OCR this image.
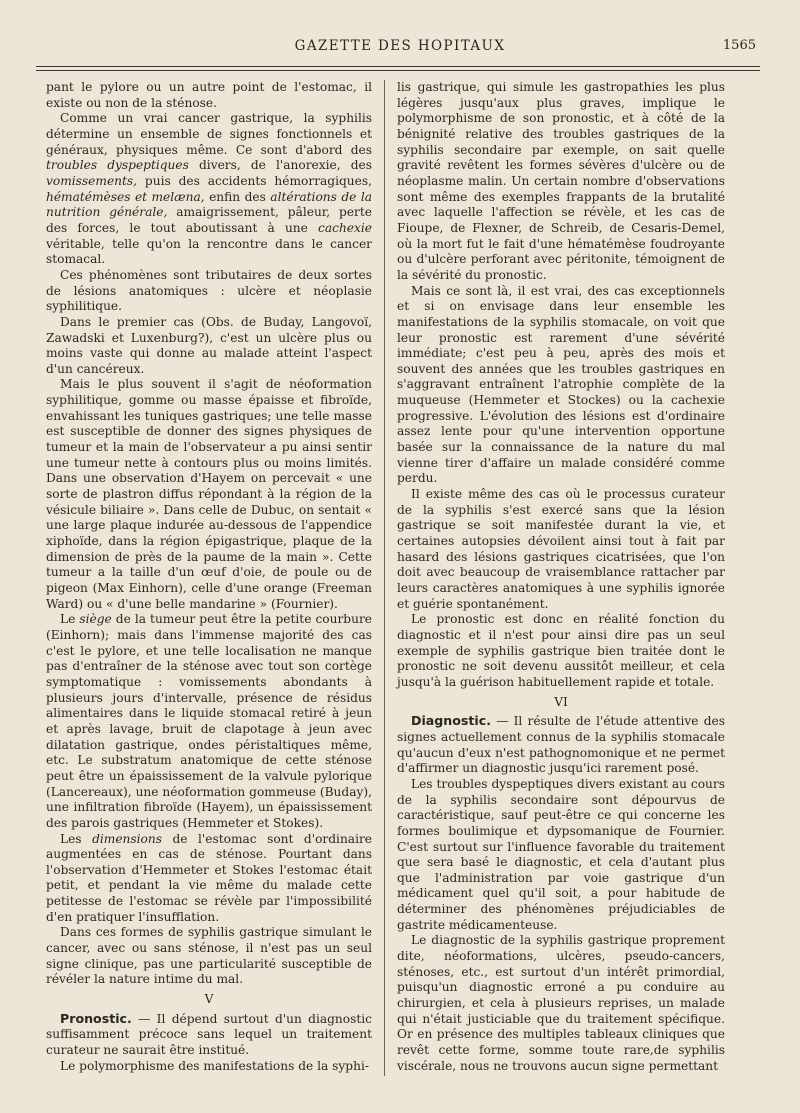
GAZETTE DES HOPITAUX	1565

pant le pylore ou un autre point de l'estomac, il existe ou non de la sténose.

Comme un vrai cancer gastrique, la syphilis détermine un ensemble de signes fonctionnels et généraux, physiques même. Ce sont d'abord des troubles dyspeptiques divers, de l'anorexie, des vomissements, puis des accidents hémorragiques, hématémèses et melæna, enfin des altérations de la nutrition générale, amaigrissement, pâleur, perte des forces, le tout aboutissant à une cachexie véritable, telle qu'on la rencontre dans le cancer stomacal.

Ces phénomènes sont tributaires de deux sortes de lésions anatomiques : ulcère et néoplasie syphilitique.

Dans le premier cas (Obs. de Buday, Langovoï, Zawadski et Luxenburg?), c'est un ulcère plus ou moins vaste qui donne au malade atteint l'aspect d'un cancéreux.

Mais le plus souvent il s'agit de néoformation syphilitique, gomme ou masse épaisse et fibroïde, envahissant les tuniques gastriques; une telle masse est susceptible de donner des signes physiques de tumeur et la main de l'observateur a pu ainsi sentir une tumeur nette à contours plus ou moins limités. Dans une observation d'Hayem on percevait « une sorte de plastron diffus répondant à la région de la vésicule biliaire ». Dans celle de Dubuc, on sentait « une large plaque indurée au-dessous de l'appendice xiphoïde, dans la région épigastrique, plaque de la dimension de près de la paume de la main ». Cette tumeur a la taille d'un œuf d'oie, de poule ou de pigeon (Max Einhorn), celle d'une orange (Freeman Ward) ou « d'une belle mandarine » (Fournier).

Le siège de la tumeur peut être la petite courbure (Einhorn); mais dans l'immense majorité des cas c'est le pylore, et une telle localisation ne manque pas d'entraîner de la sténose avec tout son cortège symptomatique : vomissements abondants à plusieurs jours d'intervalle, présence de résidus alimentaires dans le liquide stomacal retiré à jeun et après lavage, bruit de clapotage à jeun avec dilatation gastrique, ondes péristaltiques même, etc. Le substratum anatomique de cette sténose peut être un épaississement de la valvule pylorique (Lancereaux), une néoformation gommeuse (Buday), une infiltration fibroïde (Hayem), un épaississement des parois gastriques (Hemmeter et Stokes).

Les dimensions de l'estomac sont d'ordinaire augmentées en cas de sténose. Pourtant dans l'observation d'Hemmeter et Stokes l'estomac était petit, et pendant la vie même du malade cette petitesse de l'estomac se révèle par l'impossibilité d'en pratiquer l'insufflation.

Dans ces formes de syphilis gastrique simulant le cancer, avec ou sans sténose, il n'est pas un seul signe clinique, pas une particularité susceptible de révéler la nature intime du mal.

V

Pronostic. — Il dépend surtout d'un diagnostic suffisamment précoce sans lequel un traitement curateur ne saurait être institué.

Le polymorphisme des manifestations de la syphi-

lis gastrique, qui simule les gastropathies les plus légères jusqu'aux plus graves, implique le polymorphisme de son pronostic, et à côté de la bénignité relative des troubles gastriques de la syphilis secondaire par exemple, on sait quelle gravité revêtent les formes sévères d'ulcère ou de néoplasme malin. Un certain nombre d'observations sont même des exemples frappants de la brutalité avec laquelle l'affection se révèle, et les cas de Fioupe, de Flexner, de Schreib, de Cesaris-Demel, où la mort fut le fait d'une hématémèse foudroyante ou d'ulcère perforant avec péritonite, témoignent de la sévérité du pronostic.

Mais ce sont là, il est vrai, des cas exceptionnels et si on envisage dans leur ensemble les manifestations de la syphilis stomacale, on voit que leur pronostic est rarement d'une sévérité immédiate; c'est peu à peu, après des mois et souvent des années que les troubles gastriques en s'aggravant entraînent l'atrophie complète de la muqueuse (Hemmeter et Stockes) ou la cachexie progressive. L'évolution des lésions est d'ordinaire assez lente pour qu'une intervention opportune basée sur la connaissance de la nature du mal vienne tirer d'affaire un malade considéré comme perdu.

Il existe même des cas où le processus curateur de la syphilis s'est exercé sans que la lésion gastrique se soit manifestée durant la vie, et certaines autopsies dévoilent ainsi tout à fait par hasard des lésions gastriques cicatrisées, que l'on doit avec beaucoup de vraisemblance rattacher par leurs caractères anatomiques à une syphilis ignorée et guérie spontanément.

Le pronostic est donc en réalité fonction du diagnostic et il n'est pour ainsi dire pas un seul exemple de syphilis gastrique bien traitée dont le pronostic ne soit devenu aussitôt meilleur, et cela jusqu'à la guérison habituellement rapide et totale.

VI

Diagnostic. — Il résulte de l'étude attentive des signes actuellement connus de la syphilis stomacale qu'aucun d'eux n'est pathognomonique et ne permet d'affirmer un diagnostic jusqu'ici rarement posé.

Les troubles dyspeptiques divers existant au cours de la syphilis secondaire sont dépourvus de caractéristique, sauf peut-être ce qui concerne les formes boulimique et dypsomanique de Fournier. C'est surtout sur l'influence favorable du traitement que sera basé le diagnostic, et cela d'autant plus que l'administration par voie gastrique d'un médicament quel qu'il soit, a pour habitude de déterminer des phénomènes préjudiciables de gastrite médicamenteuse.

Le diagnostic de la syphilis gastrique proprement dite, néoformations, ulcères, pseudo-cancers, sténoses, etc., est surtout d'un intérêt primordial, puisqu'un diagnostic erroné a pu conduire au chirurgien, et cela à plusieurs reprises, un malade qui n'était justiciable que du traitement spécifique. Or en présence des multiples tableaux cliniques que revêt cette forme, somme toute rare,de syphilis viscérale, nous ne trouvons aucun signe permettant
